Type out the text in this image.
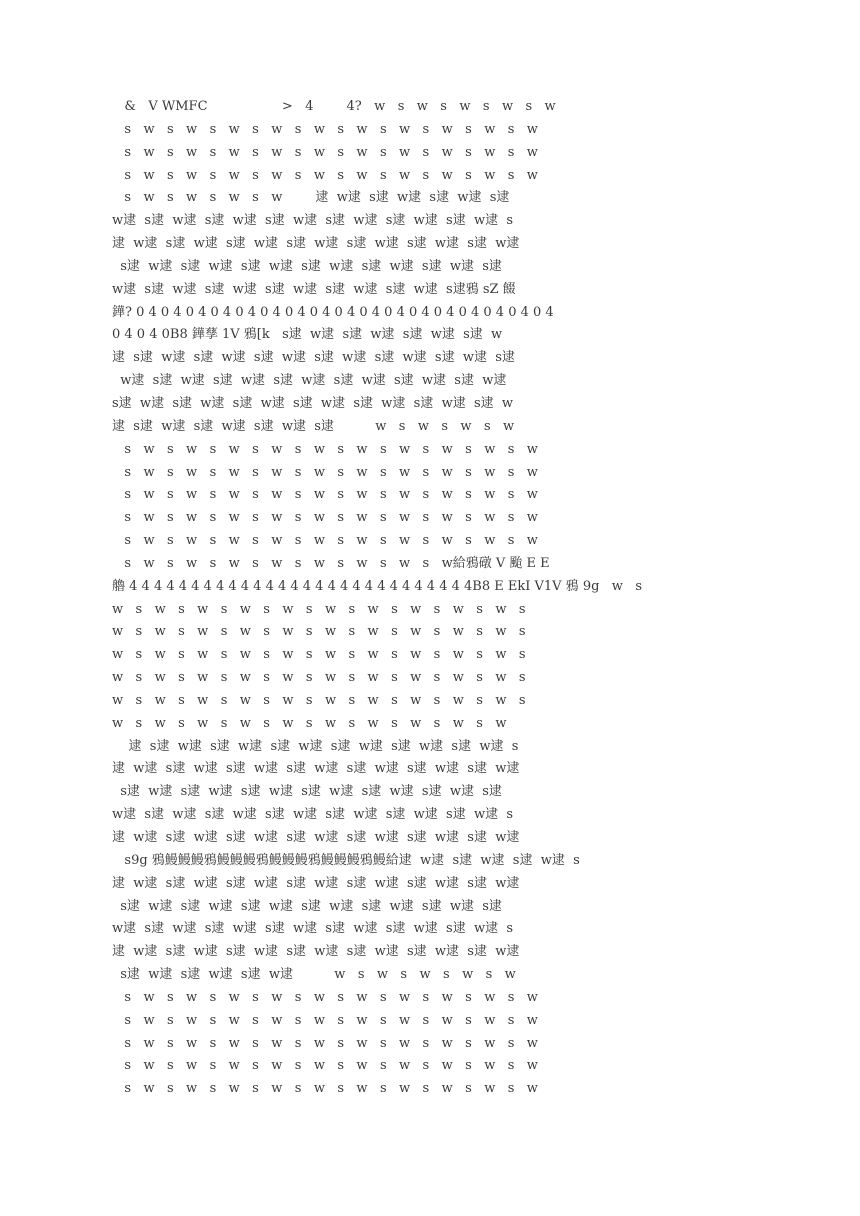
&   V WMFC                  >   4        4?   w   s   w   s   w   s   w   s   w
s   w   s   w   s   w   s   w   s   w   s   w   s   w   s   w   s   w   s   w
s   w   s   w   s   w   s   w   s   w   s   w   s   w   s   w   s   w   s   w
s   w   s   w   s   w   s   w   s   w   s   w   s   w   s   w   s   w   s   w
s   w   s   w   s   w   s   w        逮  w逮  s逮  w逮  s逮  w逮  s逮
w逮  s逮  w逮  s逮  w逮  s逮  w逮  s逮  w逮  s逮  w逮  s逮  w逮  s
逮  w逮  s逮  w逮  s逮  w逮  s逮  w逮  s逮  w逮  s逮  w逮  s逮  w逮
s逮  w逮  s逮  w逮  s逮  w逮  s逮  w逮  s逮  w逮  s逮  w逮  s逮
w逮  s逮  w逮  s逮  w逮  s逮  w逮  s逮  w逮  s逮  w逮  s逮鴉 sZ 餟
鏵? 0 4 0 4 0 4 0 4 0 4 0 4 0 4 0 4 0 4 0 4 0 4 0 4 0 4 0 4 0 4 0 4 0 4
0 4 0 4 0B8 鏵孶 1V 鴉[k   s逮  w逮  s逮  w逮  s逮  w逮  s逮  w
逮  s逮  w逮  s逮  w逮  s逮  w逮  s逮  w逮  s逮  w逮  s逮  w逮  s逮
w逮  s逮  w逮  s逮  w逮  s逮  w逮  s逮  w逮  s逮  w逮  s逮  w逮
s逮  w逮  s逮  w逮  s逮  w逮  s逮  w逮  s逮  w逮  s逮  w逮  s逮  w
逮  s逮  w逮  s逮  w逮  s逮  w逮  s逮          w   s   w   s   w   s   w
s   w   s   w   s   w   s   w   s   w   s   w   s   w   s   w   s   w   s   w
s   w   s   w   s   w   s   w   s   w   s   w   s   w   s   w   s   w   s   w
s   w   s   w   s   w   s   w   s   w   s   w   s   w   s   w   s   w   s   w
s   w   s   w   s   w   s   w   s   w   s   w   s   w   s   w   s   w   s   w
s   w   s   w   s   w   s   w   s   w   s   w   s   w   s   w   s   w   s   w
s   w   s   w   s   w   s   w   s   w   s   w   s   w   s   w給鴉礅 V 颱 E E
艪 4 4 4 4 4 4 4 4 4 4 4 4 4 4 4 4 4 4 4 4 4 4 4 4 4 4 4 4B8 E EkI V1V 鴉 9g   w   s
w   s   w   s   w   s   w   s   w   s   w   s   w   s   w   s   w   s   w   s
w   s   w   s   w   s   w   s   w   s   w   s   w   s   w   s   w   s   w   s
w   s   w   s   w   s   w   s   w   s   w   s   w   s   w   s   w   s   w   s
w   s   w   s   w   s   w   s   w   s   w   s   w   s   w   s   w   s   w   s
w   s   w   s   w   s   w   s   w   s   w   s   w   s   w   s   w   s   w   s
w   s   w   s   w   s   w   s   w   s   w   s   w   s   w   s   w   s   w
逮  s逮  w逮  s逮  w逮  s逮  w逮  s逮  w逮  s逮  w逮  s逮  w逮  s
逮  w逮  s逮  w逮  s逮  w逮  s逮  w逮  s逮  w逮  s逮  w逮  s逮  w逮
s逮  w逮  s逮  w逮  s逮  w逮  s逮  w逮  s逮  w逮  s逮  w逮  s逮
w逮  s逮  w逮  s逮  w逮  s逮  w逮  s逮  w逮  s逮  w逮  s逮  w逮  s
逮  w逮  s逮  w逮  s逮  w逮  s逮  w逮  s逮  w逮  s逮  w逮  s逮  w逮
s9g 鴉鰻鰻鰻鴉鰻鰻鰻鴉鰻鰻鰻鴉鰻鰻鰻鴉鰻給逮  w逮  s逮  w逮  s逮  w逮  s
逮  w逮  s逮  w逮  s逮  w逮  s逮  w逮  s逮  w逮  s逮  w逮  s逮  w逮
s逮  w逮  s逮  w逮  s逮  w逮  s逮  w逮  s逮  w逮  s逮  w逮  s逮
w逮  s逮  w逮  s逮  w逮  s逮  w逮  s逮  w逮  s逮  w逮  s逮  w逮  s
逮  w逮  s逮  w逮  s逮  w逮  s逮  w逮  s逮  w逮  s逮  w逮  s逮  w逮
s逮  w逮  s逮  w逮  s逮  w逮          w   s   w   s   w   s   w   s   w
s   w   s   w   s   w   s   w   s   w   s   w   s   w   s   w   s   w   s   w
s   w   s   w   s   w   s   w   s   w   s   w   s   w   s   w   s   w   s   w
s   w   s   w   s   w   s   w   s   w   s   w   s   w   s   w   s   w   s   w
s   w   s   w   s   w   s   w   s   w   s   w   s   w   s   w   s   w   s   w
s   w   s   w   s   w   s   w   s   w   s   w   s   w   s   w   s   w   s   w
